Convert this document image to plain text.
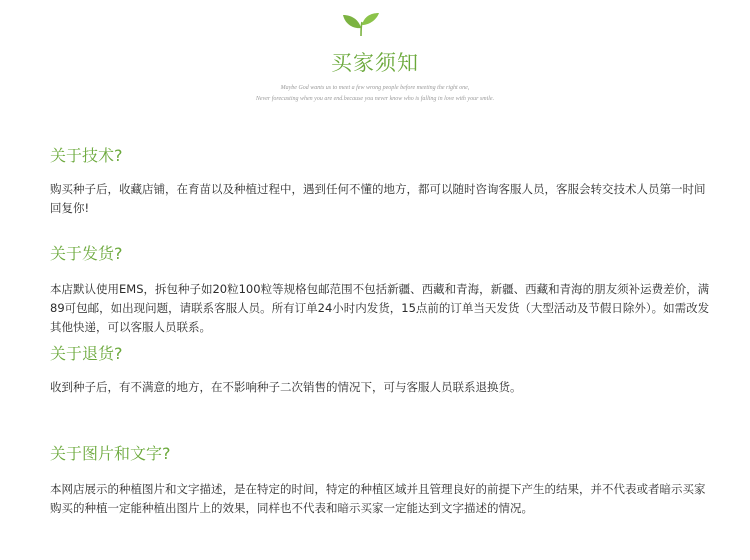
买家须知
Maybe God wants us to meet a few wrong people before meeting the right one,
Never forecasting when you are end.because you never know who is falling in love with your smile.
关于技术?

购买种子后，收藏店铺，在育苗以及种植过程中，遇到任何不懂的地方，都可以随时咨询客服人员，客服会转交技术人员第一时间回复你!

关于发货?

本店默认使用EMS，拆包种子如20粒100粒等规格包邮范围不包括新疆、西藏和青海，新疆、西藏和青海的朋友须补运费差价，满89可包邮，如出现问题，请联系客服人员。所有订单24小时内发货，15点前的订单当天发货（大型活动及节假日除外）。如需改发其他快递，可以客服人员联系。

关于退货?

收到种子后，有不满意的地方，在不影响种子二次销售的情况下，可与客服人员联系退换货。

关于图片和文字?

本网店展示的种植图片和文字描述，是在特定的时间，特定的种植区域并且管理良好的前提下产生的结果，并不代表或者暗示买家购买的种植一定能种植出图片上的效果，同样也不代表和暗示买家一定能达到文字描述的情况。
